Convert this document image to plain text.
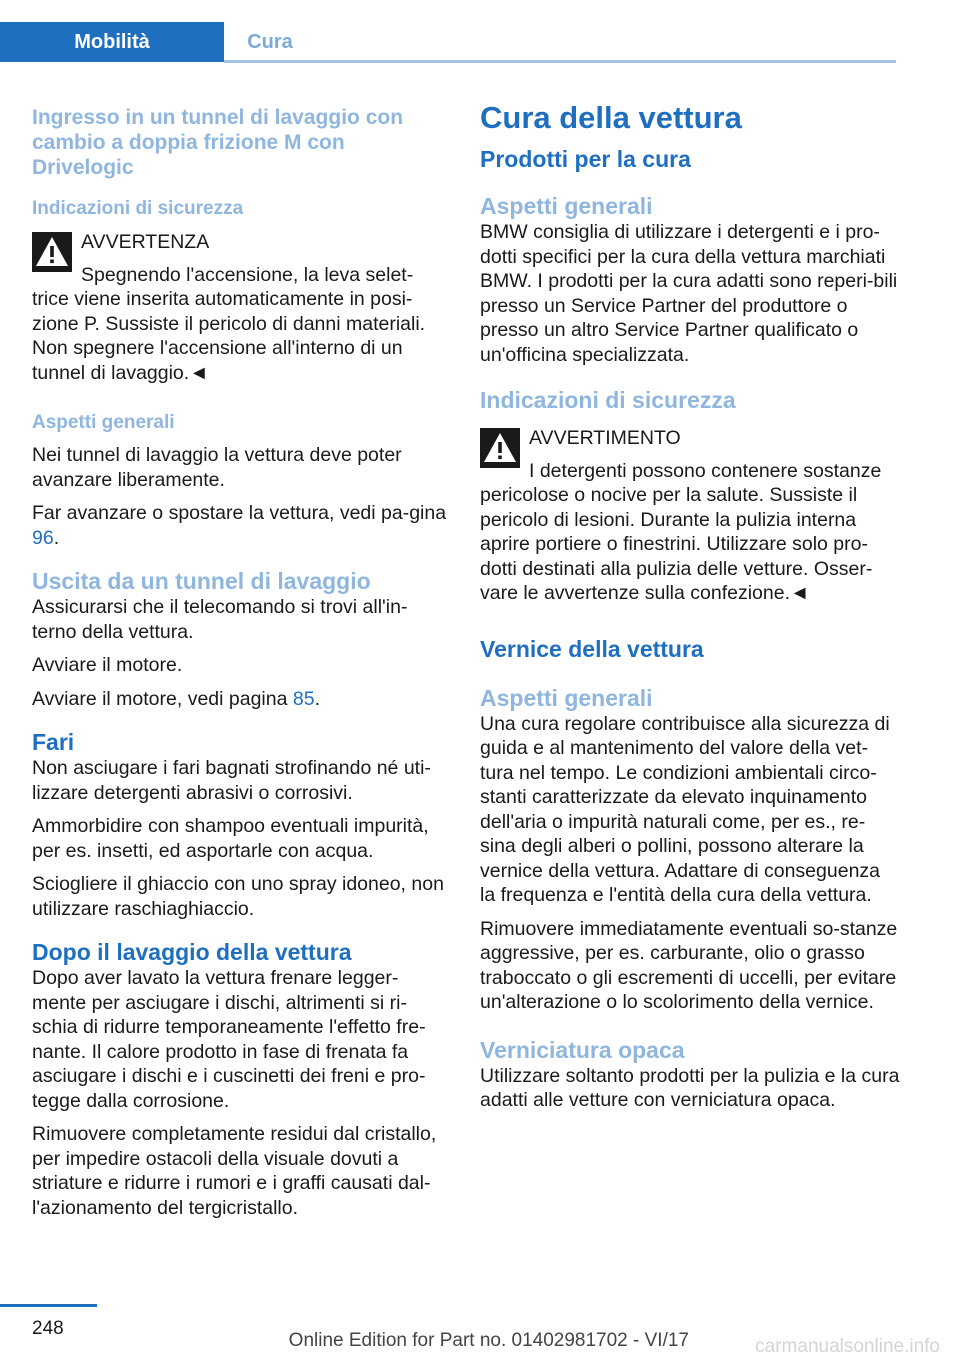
Mobilità	Cura
Ingresso in un tunnel di lavaggio con cambio a doppia frizione M con Drivelogic
Indicazioni di sicurezza

AVVERTENZA

Spegnendo l'accensione, la leva selet-

trice viene inserita automaticamente in posi-zione P. Sussiste il pericolo di danni materiali. Non spegnere l'accensione all'interno di un tunnel di lavaggio.◄

Aspetti generali

Nei tunnel di lavaggio la vettura deve poter avanzare liberamente.

Far avanzare o spostare la vettura, vedi pa-gina 96.

Uscita da un tunnel di lavaggio

Assicurarsi che il telecomando si trovi all'in-terno della vettura.

Avviare il motore.

Avviare il motore, vedi pagina 85.

Fari

Non asciugare i fari bagnati strofinando né uti-lizzare detergenti abrasivi o corrosivi.

Ammorbidire con shampoo eventuali impurità, per es. insetti, ed asportarle con acqua.

Sciogliere il ghiaccio con uno spray idoneo, non utilizzare raschiaghiaccio.

Dopo il lavaggio della vettura

Dopo aver lavato la vettura frenare legger-mente per asciugare i dischi, altrimenti si ri-schia di ridurre temporaneamente l'effetto fre-nante. Il calore prodotto in fase di frenata fa asciugare i dischi e i cuscinetti dei freni e pro-tegge dalla corrosione.

Rimuovere completamente residui dal cristallo, per impedire ostacoli della visuale dovuti a striature e ridurre i rumori e i graffi causati dal-l'azionamento del tergicristallo.

Cura della vettura
Prodotti per la cura
Aspetti generali

BMW consiglia di utilizzare i detergenti e i pro-dotti specifici per la cura della vettura marchiati BMW. I prodotti per la cura adatti sono reperi-bili presso un Service Partner del produttore o presso un altro Service Partner qualificato o un'officina specializzata.

Indicazioni di sicurezza

AVVERTIMENTO

I detergenti possono contenere sostanze

pericolose o nocive per la salute. Sussiste il pericolo di lesioni. Durante la pulizia interna aprire portiere o finestrini. Utilizzare solo pro-dotti destinati alla pulizia delle vetture. Osser-vare le avvertenze sulla confezione.◄

Vernice della vettura
Aspetti generali

Una cura regolare contribuisce alla sicurezza di guida e al mantenimento del valore della vet-tura nel tempo. Le condizioni ambientali circo-stanti caratterizzate da elevato inquinamento dell'aria o impurità naturali come, per es., re-sina degli alberi o pollini, possono alterare la vernice della vettura. Adattare di conseguenza la frequenza e l'entità della cura della vettura.

Rimuovere immediatamente eventuali so-stanze aggressive, per es. carburante, olio o grasso traboccato o gli escrementi di uccelli, per evitare un'alterazione o lo scolorimento della vernice.

Verniciatura opaca

Utilizzare soltanto prodotti per la pulizia e la cura adatti alle vetture con verniciatura opaca.

248
Online Edition for Part no. 01402981702 - VI/17	carmanualsonline.info
